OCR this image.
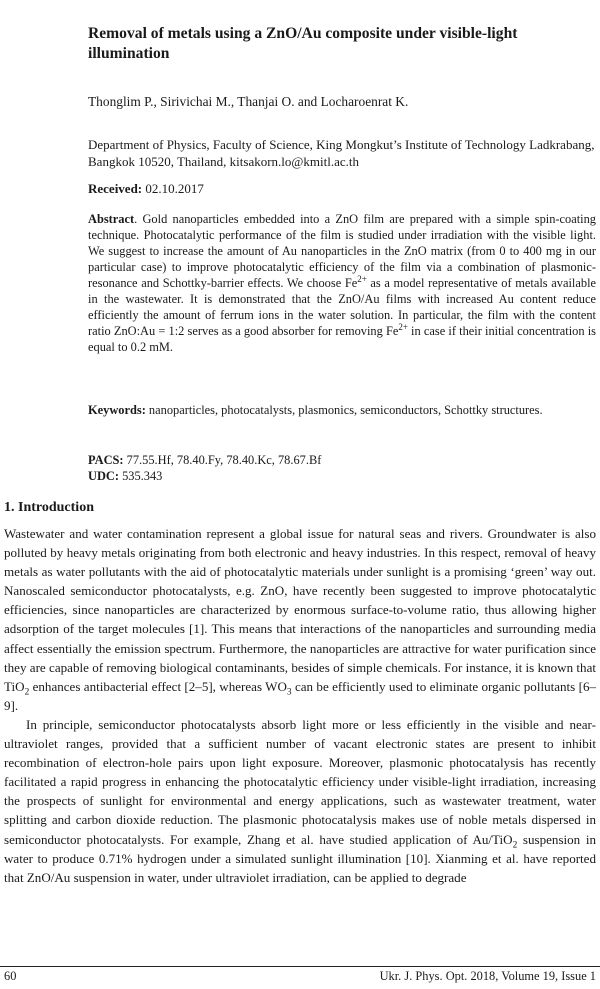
Removal of metals using a ZnO/Au composite under visible-light illumination
Thonglim P., Sirivichai M., Thanjai O. and Locharoenrat K.
Department of Physics, Faculty of Science, King Mongkut’s Institute of Technology Ladkrabang, Bangkok 10520, Thailand, kitsakorn.lo@kmitl.ac.th
Received: 02.10.2017
Abstract. Gold nanoparticles embedded into a ZnO film are prepared with a simple spin-coating technique. Photocatalytic performance of the film is studied under irradiation with the visible light. We suggest to increase the amount of Au nanoparticles in the ZnO matrix (from 0 to 400 mg in our particular case) to improve photocatalytic efficiency of the film via a combination of plasmonic-resonance and Schottky-barrier effects. We choose $Fe^{2+}$ as a model representative of metals available in the wastewater. It is demonstrated that the ZnO/Au films with increased Au content reduce efficiently the amount of ferrum ions in the water solution. In particular, the film with the content ratio ZnO:Au = 1:2 serves as a good absorber for removing $Fe^{2+}$ in case if their initial concentration is equal to 0.2 mM.
Keywords: nanoparticles, photocatalysts, plasmonics, semiconductors, Schottky structures.
PACS: 77.55.Hf, 78.40.Fy, 78.40.Kc, 78.67.Bf
UDC: 535.343
1. Introduction

Wastewater and water contamination represent a global issue for natural seas and rivers. Groundwater is also polluted by heavy metals originating from both electronic and heavy industries. In this respect, removal of heavy metals as water pollutants with the aid of photocatalytic materials under sunlight is a promising ‘green’ way out. Nanoscaled semiconductor photocatalysts, e.g. ZnO, have recently been suggested to improve photocatalytic efficiencies, since nanoparticles are characterized by enormous surface-to-volume ratio, thus allowing higher adsorption of the target molecules [1]. This means that interactions of the nanoparticles and surrounding media affect essentially the emission spectrum. Furthermore, the nanoparticles are attractive for water purification since they are capable of removing biological contaminants, besides of simple chemicals. For instance, it is known that TiO$_2$ enhances antibacterial effect [2–5], whereas $WO_3$ can be efficiently used to eliminate organic pollutants [6–9].

In principle, semiconductor photocatalysts absorb light more or less efficiently in the visible and near-ultraviolet ranges, provided that a sufficient number of vacant electronic states are present to inhibit recombination of electron-hole pairs upon light exposure. Moreover, plasmonic photocatalysis has recently facilitated a rapid progress in enhancing the photocatalytic efficiency under visible-light irradiation, increasing the prospects of sunlight for environmental and energy applications, such as wastewater treatment, water splitting and carbon dioxide reduction. The plasmonic photocatalysis makes use of noble metals dispersed in semiconductor photocatalysts. For example, Zhang et al. have studied application of Au/TiO$_2$ suspension in water to produce 0.71% hydrogen under a simulated sunlight illumination [10]. Xianming et al. have reported that ZnO/Au suspension in water, under ultraviolet irradiation, can be applied to degrade

60	Ukr. J. Phys. Opt. 2018, Volume 19, Issue 1
